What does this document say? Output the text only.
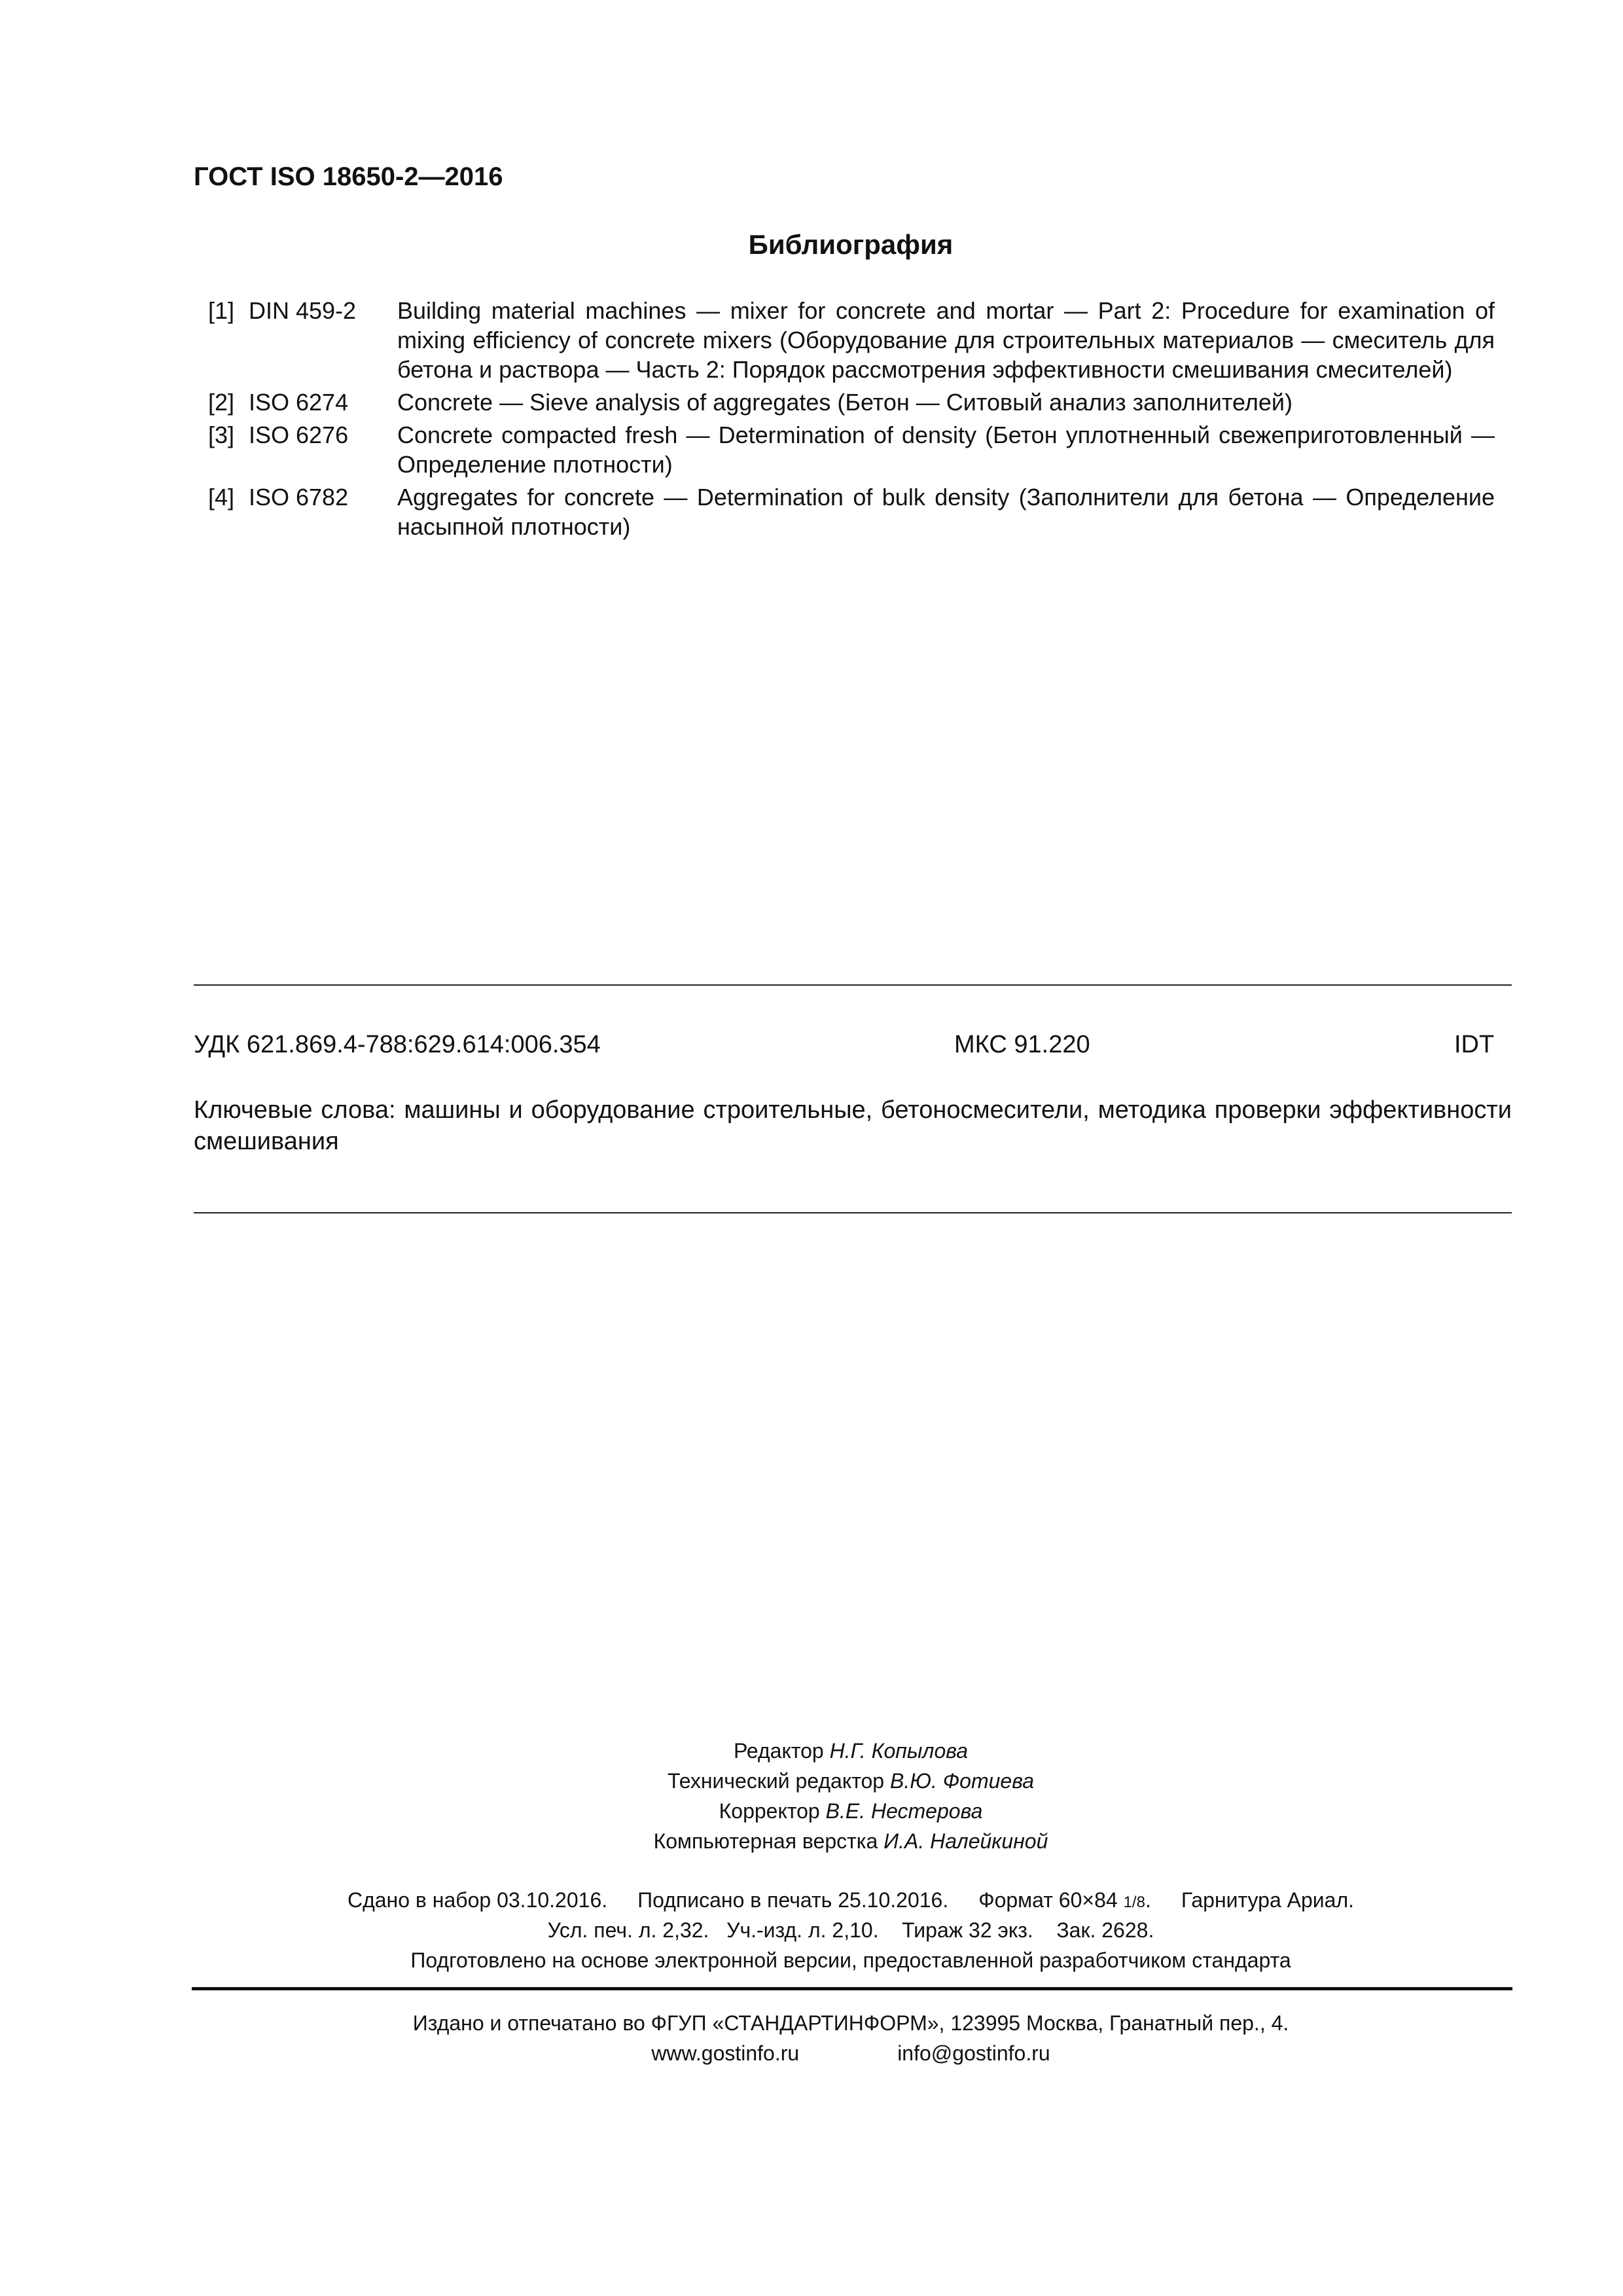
ГОСТ ISO 18650-2—2016
Библиография
[1] DIN 459-2	Building material machines — mixer for concrete and mortar — Part 2: Procedure for examination of mixing efficiency of concrete mixers (Оборудование для строительных материалов — смеситель для бетона и раствора — Часть 2: Порядок рассмотрения эффективности смешивания смесителей)
[2] ISO 6274	Concrete — Sieve analysis of aggregates (Бетон — Ситовый анализ заполнителей)
[3] ISO 6276	Concrete compacted fresh — Determination of density (Бетон уплотненный свежеприготовленный — Определение плотности)
[4] ISO 6782	Aggregates for concrete — Determination of bulk density (Заполнители для бетона — Определение насыпной плотности)
УДК 621.869.4-788:629.614:006.354	МКС 91.220	IDT
Ключевые слова: машины и оборудование строительные, бетоносмесители, методика проверки эффективности смешивания
Редактор Н.Г. Копылова
Технический редактор В.Ю. Фотиева
Корректор В.Е. Нестерова
Компьютерная верстка И.А. Налейкиной
Сдано в набор 03.10.2016. Подписано в печать 25.10.2016. Формат 60×84 1/8. Гарнитура Ариал.
Усл. печ. л. 2,32. Уч.-изд. л. 2,10. Тираж 32 экз. Зак. 2628.
Подготовлено на основе электронной версии, предоставленной разработчиком стандарта
Издано и отпечатано во ФГУП «СТАНДАРТИНФОРМ», 123995 Москва, Гранатный пер., 4.
www.gostinfo.ru	info@gostinfo.ru
